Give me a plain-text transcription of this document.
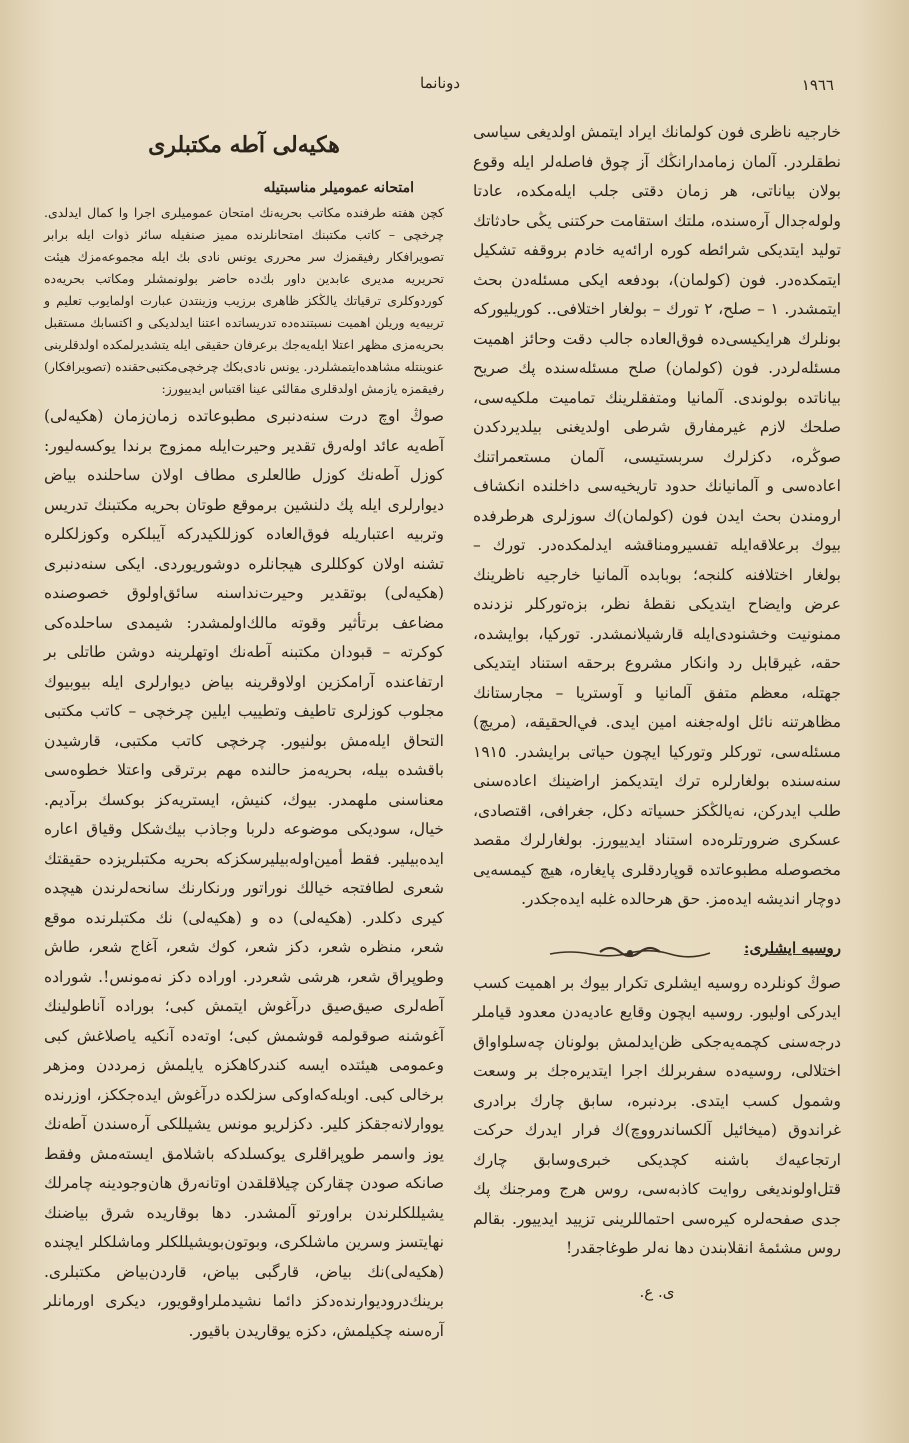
١٩٦٦
دونانما

خارجیه ناظری فون کولمانك ایراد ایتمش اولدیغی سیاسی نطقلردر. آلمان زمامدارانڭك آز چوق فاصله‌لر ایله وقوع بولان بیاناتی، هر زمان دقتی جلب ایله‌مكده، عادتا ولوله‌جدال آره‌سنده، ملتك استقامت حركتنی یڭی حادثاتك تولید ایتدیكی شرائطه كوره ارائه‌یه خادم بروقفه تشكیل ایتمكده‌در. فون (كولمان)، بودفعه ایكی مسئله‌دن بحث ایتمشدر. ١ – صلح، ٢ تورك – بولغار اختلافی.. كوریلیوركه بونلرك هرایكیسی‌ده فوق‌العاده جالب دقت وحائز اهمیت مسئله‌لردر. فون (كولمان) صلح مسئله‌سنده پك صریح بیاناتده بولوندی. آلمانیا ومتفقلرینك تمامیت ملكیه‌سی، صلحك لازم غیرمفارق شرطی اولدیغنی بیلدیردكدن صوڭره، دكزلرك سربستیسی، آلمان مستعمراتنك اعاده‌سی و آلمانیانك حدود تاریخیه‌سی داخلنده انكشاف ارومندن بحث ایدن فون (كولمان)ك سوزلری هرطرفده بیوك برعلاقه‌ایله تفسیرومناقشه ایدلمكده‌در. تورك – بولغار اختلافنه كلنجه؛ بوبابده آلمانیا خارجیه ناظرینك عرض وایضاح ایتدیكی نقطهٔ نظر، بزه‌توركلر نزدنده ممنونیت وخشنودی‌ایله قارشیلانمشدر. توركیا، بوایشده، حقه، غیرقابل رد وانكار مشروع برحقه استناد ایتدیكی جهتله، معظم متفق آلمانیا و آوستریا – مجارستانك مظاهرتنه نائل اوله‌جغنه امین ایدی. في‌الحقیقه، (مریچ) مسئله‌سی، توركلر وتوركیا ایچون حیاتی برایشدر. ١٩١٥ سنه‌سنده بولغارلره ترك ایتدیكمز اراضینك اعاده‌سنی طلب ایدركن، نه‌یالڭكز حسیاته دكل، جغرافی، اقتصادی، عسكری ضرورتلره‌ده استناد ایدییورز. بولغارلرك مقصد مخصوصله مطبوعاتده قوپاردقلری پایغاره، هیچ كیمسه‌یی دوچار اندیشه ایده‌مز. حق هرحالده غلبه ایده‌جكدر.

روسیه ایشلری:

صوڭ كونلرده روسیه ایشلری تكرار بیوك بر اهمیت كسب ایدركی اولیور. روسیه ایچون وقایع عادیه‌دن معدود قیاملر درجه‌سنی كچمه‌یه‌جكی ظن‌ایدلمش بولونان چه‌سلواواق اختلالی، روسیه‌ده سفربرلك اجرا ایتدیره‌جك بر وسعت وشمول كسب ایتدی. بردنبره، سابق چارك برادری غراندوق (میخائیل آلكساندرووچ)ك فرار ایدرك حركت ارتجاعیه‌ك باشنه كچدیكی خبری‌وسابق چارك قتل‌اولوندیغی روایت كاذبه‌سی، روس هرج ومرجنك پك جدی صفحه‌لره كیره‌سی احتماللرینی تزیید ایدییور. بقالم روس مشئمهٔ انقلابندن دها نه‌لر طوغاجقدر!

ی. ع.

هكیه‌لی آطه مكتبلری

امتحانه عمومیلر مناسبتیله

كچن هفته طرفنده مكاتب بحریه‌نك امتحان عمومیلری اجرا وا كمال ایدلدی. چرخچی – كاتب مكتبنك امتحانلرنده ممیز صنفیله سائر ذوات ایله برابر تصویرافكار رفیقمزك سر محرری یونس نادی بك ایله مجموعه‌مزك هیئت تحریریه مدیری عابدین داور بك‌ده حاضر بولونمشلر ومكاتب بحریه‌ده كوردوكلری ترقیاتك یالڭكز ظاهری برزیب وزینتدن عبارت اولمایوب تعلیم و تربیه‌یه وریلن اهمیت نسبتنده‌ده تدریساتده اعتنا ایدلدیكی و اكتسابك مستقبل بحریه‌مزی مظهر اعتلا ایله‌یه‌جك برعرفان حقیقی ایله یتشدیرلمكده اولدقلرینی عنوینتله مشاهده‌ایتمشلردر. یونس نادی‌بكك چرخچی‌مكتبی‌حقنده (تصویرافكار) رفیقمزه یازمش اولدقلری مقالئی عینا اقتباس ایدییورز:

صوڭ اوچ درت سنه‌دنبری مطبوعاتده زمان‌زمان (هكیه‌لی) آطه‌یه عائد اوله‌رق تقدیر وحیرت‌ایله ممزوج برندا یوكسه‌لیور: كوزل آطه‌نك كوزل طالعلری مطاف اولان ساحلنده بیاض دیوارلری ایله پك دلنشین برموقع طوتان بحریه مكتبنك تدریس وتربیه اعتباریله فوق‌العاده كوزللكیدركه آیبلكره وكوزلكلره تشنه اولان كوكللری هیجانلره دوشوریوردی. ایكی سنه‌دنبری (هكیه‌لی) بوتقدیر وحیرت‌نداسنه سائق‌اولوق خصوصنده مضاعف برتأثیر وقوته مالك‌اولمشدر: شیمدی ساحلده‌كی كوكرته – قبودان مكتبنه آطه‌نك اوتهلرینه دوشن طاتلی بر ارتفاعنده آرامكزین اولاوقرینه بیاض دیوارلری ایله بیوبیوك مجلوب كوزلری تاطیف وتطییب ایلین چرخچی – كاتب مكتبی التحاق ایله‌مش بولنیور. چرخچی كاتب مكتبی، قارشیدن باقشده بیله، بحریه‌مز حالنده مهم برترقی واعتلا خطوه‌سی معناسنی ملهمدر. بیوك، كنیش، ایستریه‌كز بوكسك برآدیم. خیال، سودیكی موضوعه دلربا وجاذب بیك‌شكل وقیاق اعاره ایده‌بیلیر. فقط أمین‌اوله‌بیلیرسكزكه بحریه مكتبلریزده حقیقتك شعری لطافتجه خیالك نوراتور ورنكارنك سانحه‌لرندن هیچده كیری دكلدر. (هكیه‌لی) ده و (هكیه‌لی) نك مكتبلرنده موقع شعر، منظره شعر، دكز شعر، كوك شعر، آغاج شعر، طاش وطوپراق شعر، هرشی شعردر. اوراده دكز نه‌مونس!. شوراده آطه‌لری صیق‌صیق درآغوش ایتمش كبی؛ بوراده آناطولینك آغوشنه صوقولمه قوشمش كبی؛ اوتەدە آنكیه یاصلاغش كبی وعمومی هیئتده ایسه كندركاهكزه یایلمش زمرددن ومزهر برخالی كبی. اوبله‌كه‌اوكی سزلكده درآغوش ایده‌جككز، اوزرنده یووارلانه‌جقكز كلیر. دكزلریو مونس یشیللكی آره‌سندن آطه‌نك یوز واسمر طوپراقلری یوكسلدكه باشلامق ایسته‌مش وفقط صانكه صودن چقاركن چیلاقلقدن اوتانه‌رق هان‌وجودینه چامرلك یشیللكلرندن براورتو آلمشدر. دها بوقاریده شرق بیاضنك نهایتسز وسرین ماشلكری، وبوتون‌بویشیللكلر وماشلكلر ایچنده (هكیه‌لی)نك بیاض، قارگبی بیاض، قاردن‌بیاض مكتبلری. برینك‌درودیوارنده‌دكز دائما نشیدملراوقویور، دیكری اورمانلر آره‌سنه چكیلمش، دكزه یوقاریدن باقیور.
